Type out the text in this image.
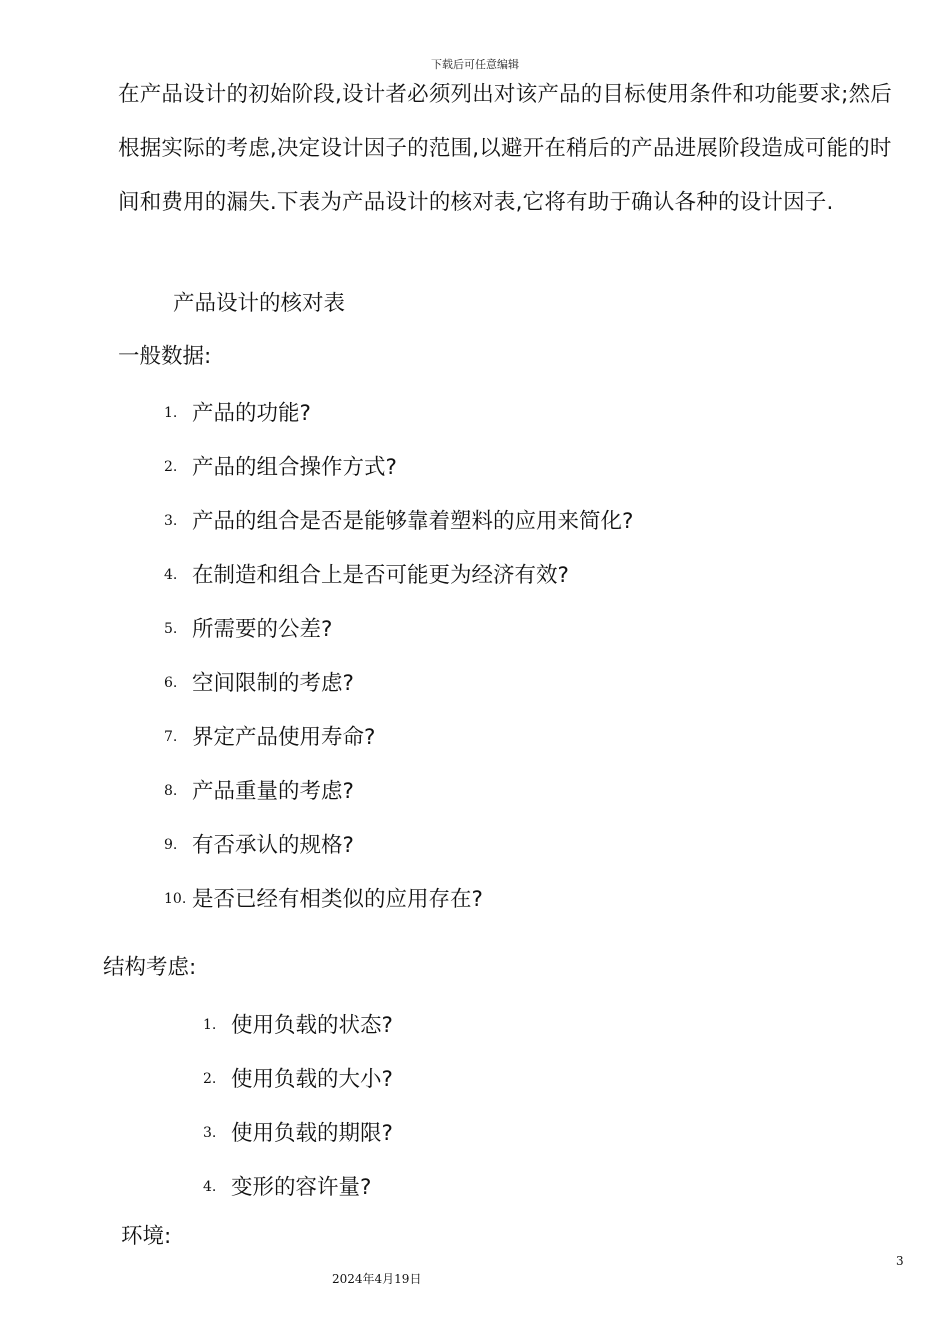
下载后可任意编辑
在产品设计的初始阶段,设计者必须列出对该产品的目标使用条件和功能要求;然后根据实际的考虑,决定设计因子的范围,以避开在稍后的产品进展阶段造成可能的时间和费用的漏失.下表为产品设计的核对表,它将有助于确认各种的设计因子.
产品设计的核对表
一般数据:
1. 产品的功能?
2. 产品的组合操作方式?
3. 产品的组合是否是能够靠着塑料的应用来简化?
4. 在制造和组合上是否可能更为经济有效?
5. 所需要的公差?
6. 空间限制的考虑?
7. 界定产品使用寿命?
8. 产品重量的考虑?
9. 有否承认的规格?
10. 是否已经有相类似的应用存在?
结构考虑:
1. 使用负载的状态?
2. 使用负载的大小?
3. 使用负载的期限?
4. 变形的容许量?
环境:
3
2024年4月19日
